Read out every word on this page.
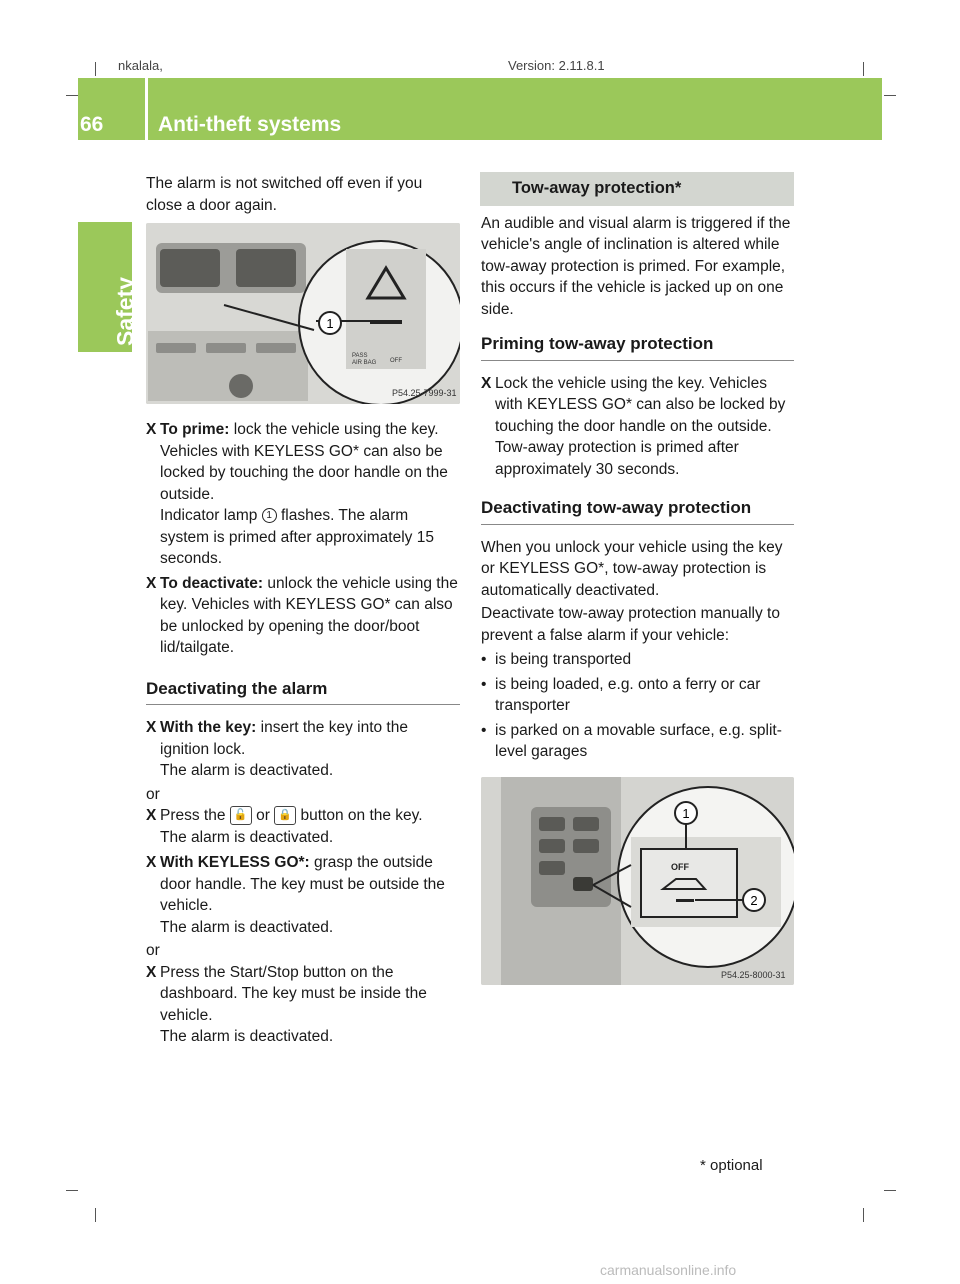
nkalala,	Version: 2.11.8.1
66	Anti-theft systems
Safety

The alarm is not switched off even if you close a door again.

1
PASS
AIR BAG OFF
P54.25-7999-31
X To prime: lock the vehicle using the key. Vehicles with KEYLESS GO* can also be locked by touching the door handle on the outside.

Indicator lamp 1 flashes. The alarm system is primed after approximately 15 seconds.

X To deactivate: unlock the vehicle using the key. Vehicles with KEYLESS GO* can also be unlocked by opening the door/boot lid/tailgate.

Deactivating the alarm
X With the key: insert the key into the ignition lock.

The alarm is deactivated.

or

X Press the 🔓 or 🔒 button on the key.

The alarm is deactivated.

X With KEYLESS GO*: grasp the outside door handle. The key must be outside the vehicle.

The alarm is deactivated.

or

X Press the Start/Stop button on the dashboard. The key must be inside the vehicle.

The alarm is deactivated.

Tow-away protection*

An audible and visual alarm is triggered if the vehicle's angle of inclination is altered while tow-away protection is primed. For example, this occurs if the vehicle is jacked up on one side.

Priming tow-away protection
X Lock the vehicle using the key. Vehicles with KEYLESS GO* can also be locked by touching the door handle on the outside. Tow-away protection is primed after approximately 30 seconds.

Deactivating tow-away protection

When you unlock your vehicle using the key or KEYLESS GO*, tow-away protection is automatically deactivated.

Deactivate tow-away protection manually to prevent a false alarm if your vehicle:

• is being transported

• is being loaded, e.g. onto a ferry or car transporter

• is parked on a movable surface, e.g. split-level garages

OFF
1
2
P54.25-8000-31
* optional
carmanualsonline.info
